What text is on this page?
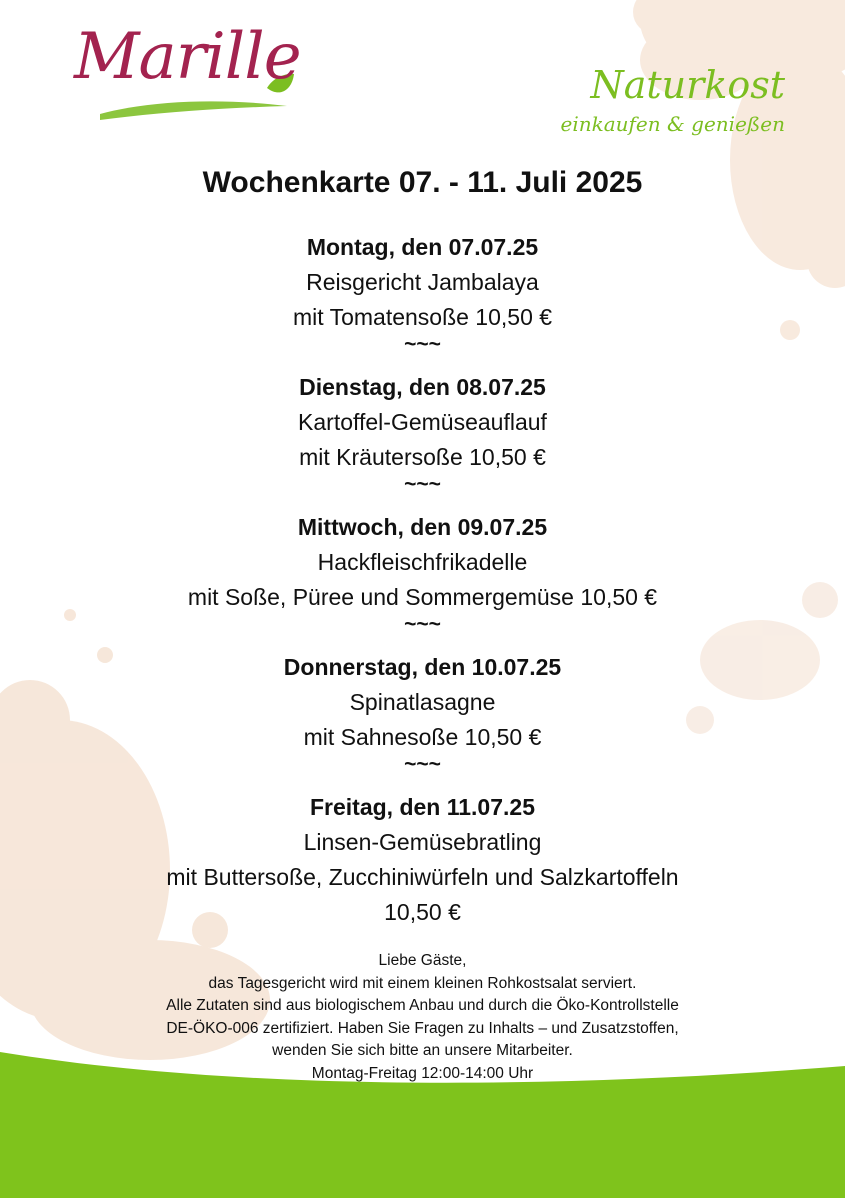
Marille	Naturkost
einkaufen & genießen
Wochenkarte 07. - 11. Juli 2025
Montag, den 07.07.25
Reisgericht Jambalaya
mit Tomatensoße 10,50 €
~~~
Dienstag, den 08.07.25
Kartoffel-Gemüseauflauf
mit Kräutersoße 10,50 €
~~~
Mittwoch, den 09.07.25
Hackfleischfrikadelle
mit Soße, Püree und Sommergemüse 10,50 €
~~~
Donnerstag, den 10.07.25
Spinatlasagne
mit Sahnesoße 10,50 €
~~~
Freitag, den 11.07.25
Linsen-Gemüsebratling
mit Buttersoße, Zucchiniwürfeln und Salzkartoffeln
10,50 €
Liebe Gäste,
das Tagesgericht wird mit einem kleinen Rohkostsalat serviert.
Alle Zutaten sind aus biologischem Anbau und durch die Öko-Kontrollstelle
DE-ÖKO-006 zertifiziert. Haben Sie Fragen zu Inhalts – und Zusatzstoffen,
wenden Sie sich bitte an unsere Mitarbeiter.
Montag-Freitag 12:00-14:00 Uhr
